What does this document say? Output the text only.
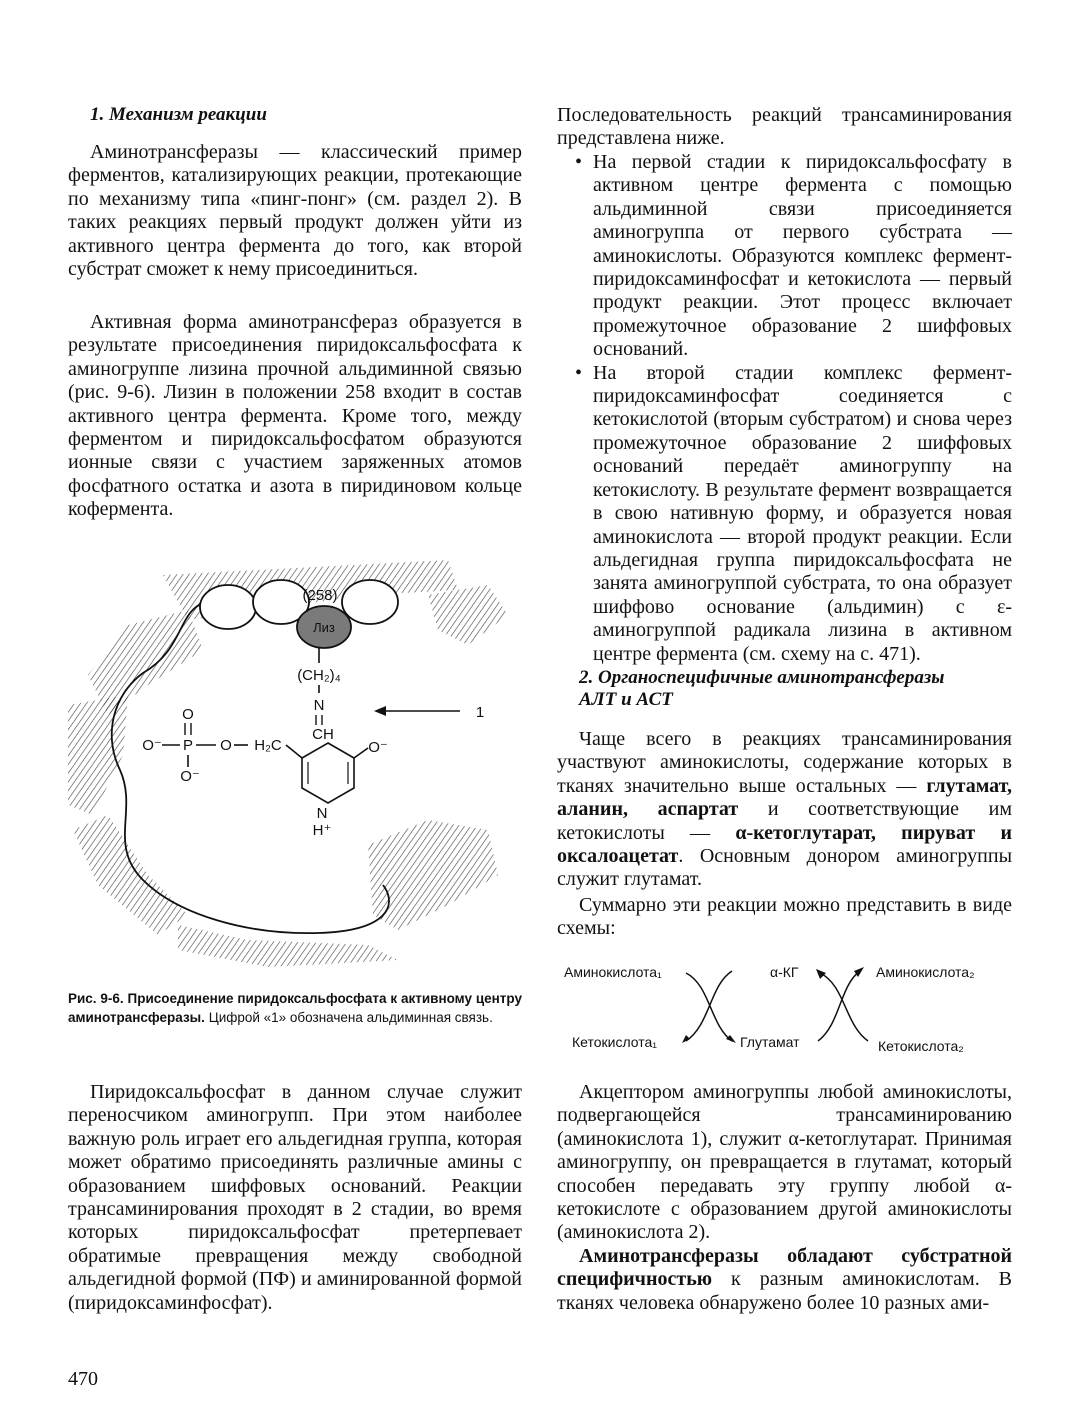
1. Механизм реакции

Аминотрансферазы — классический пример ферментов, катализирующих реакции, протекающие по механизму типа «пинг-понг» (см. раздел 2). В таких реакциях первый продукт должен уйти из активного центра фермента до того, как второй субстрат сможет к нему присоединиться.

Активная форма аминотрансфераз образуется в результате присоединения пиридоксальфосфата к аминогруппе лизина прочной альдиминной связью (рис. 9-6). Лизин в положении 258 входит в состав активного центра фермента. Кроме того, между ферментом и пиридоксальфосфатом образуются ионные связи с участием заряженных атомов фосфатного остатка и азота в пиридиновом кольце кофермента.

Лиз
(258)
(CH₂)₄
N
CH
O⁻
N
H⁺
H₂C
O
P
O
O⁻
O⁻
1
Рис. 9-6. Присоединение пиридоксальфосфата к активному центру аминотрансферазы. Цифрой «1» обозначена альдиминная связь.

Пиридоксальфосфат в данном случае служит переносчиком аминогрупп. При этом наиболее важную роль играет его альдегидная группа, которая может обратимо присоединять различные амины с образованием шиффовых оснований. Реакции трансаминирования проходят в 2 стадии, во время которых пиридоксальфосфат претерпевает обратимые превращения между свободной альдегидной формой (ПФ) и аминированной формой (пиридоксаминфосфат).

Последовательность реакций трансаминирования представлена ниже.

• На первой стадии к пиридоксальфосфату в активном центре фермента с помощью альдиминной связи присоединяется аминогруппа от первого субстрата — аминокислоты. Образуются комплекс фермент-пиридоксаминфосфат и кетокислота — первый продукт реакции. Этот процесс включает промежуточное образование 2 шиффовых оснований.
• На второй стадии комплекс фермент-пиридоксаминфосфат соединяется с кетокислотой (вторым субстратом) и снова через промежуточное образование 2 шиффовых оснований передаёт аминогруппу на кетокислоту. В результате фермент возвращается в свою нативную форму, и образуется новая аминокислота — второй продукт реакции. Если альдегидная группа пиридоксальфосфата не занята аминогруппой субстрата, то она образует шиффово основание (альдимин) с ε-аминогруппой радикала лизина в активном центре фермента (см. схему на с. 471).
2. Органоспецифичные аминотрансферазы
АЛТ и АСТ

Чаще всего в реакциях трансаминирования участвуют аминокислоты, содержание которых в тканях значительно выше остальных — глутамат, аланин, аспартат и соответствующие им кетокислоты — α-кетоглутарат, пируват и оксалоацетат. Основным донором аминогруппы служит глутамат.

Суммарно эти реакции можно представить в виде схемы:

Акцептором аминогруппы любой аминокислоты, подвергающейся трансаминированию (аминокислота 1), служит α-кетоглутарат. Принимая аминогруппу, он превращается в глутамат, который способен передавать эту группу любой α-кетокислоте с образованием другой аминокислоты (аминокислота 2).

Аминотрансферазы обладают субстратной специфичностью к разным аминокислотам. В тканях человека обнаружено более 10 разных ами-

Аминокислота₁	α-КГ	Аминокислота₂
Кетокислота₁	Глутамат	Кетокислота₂
470
